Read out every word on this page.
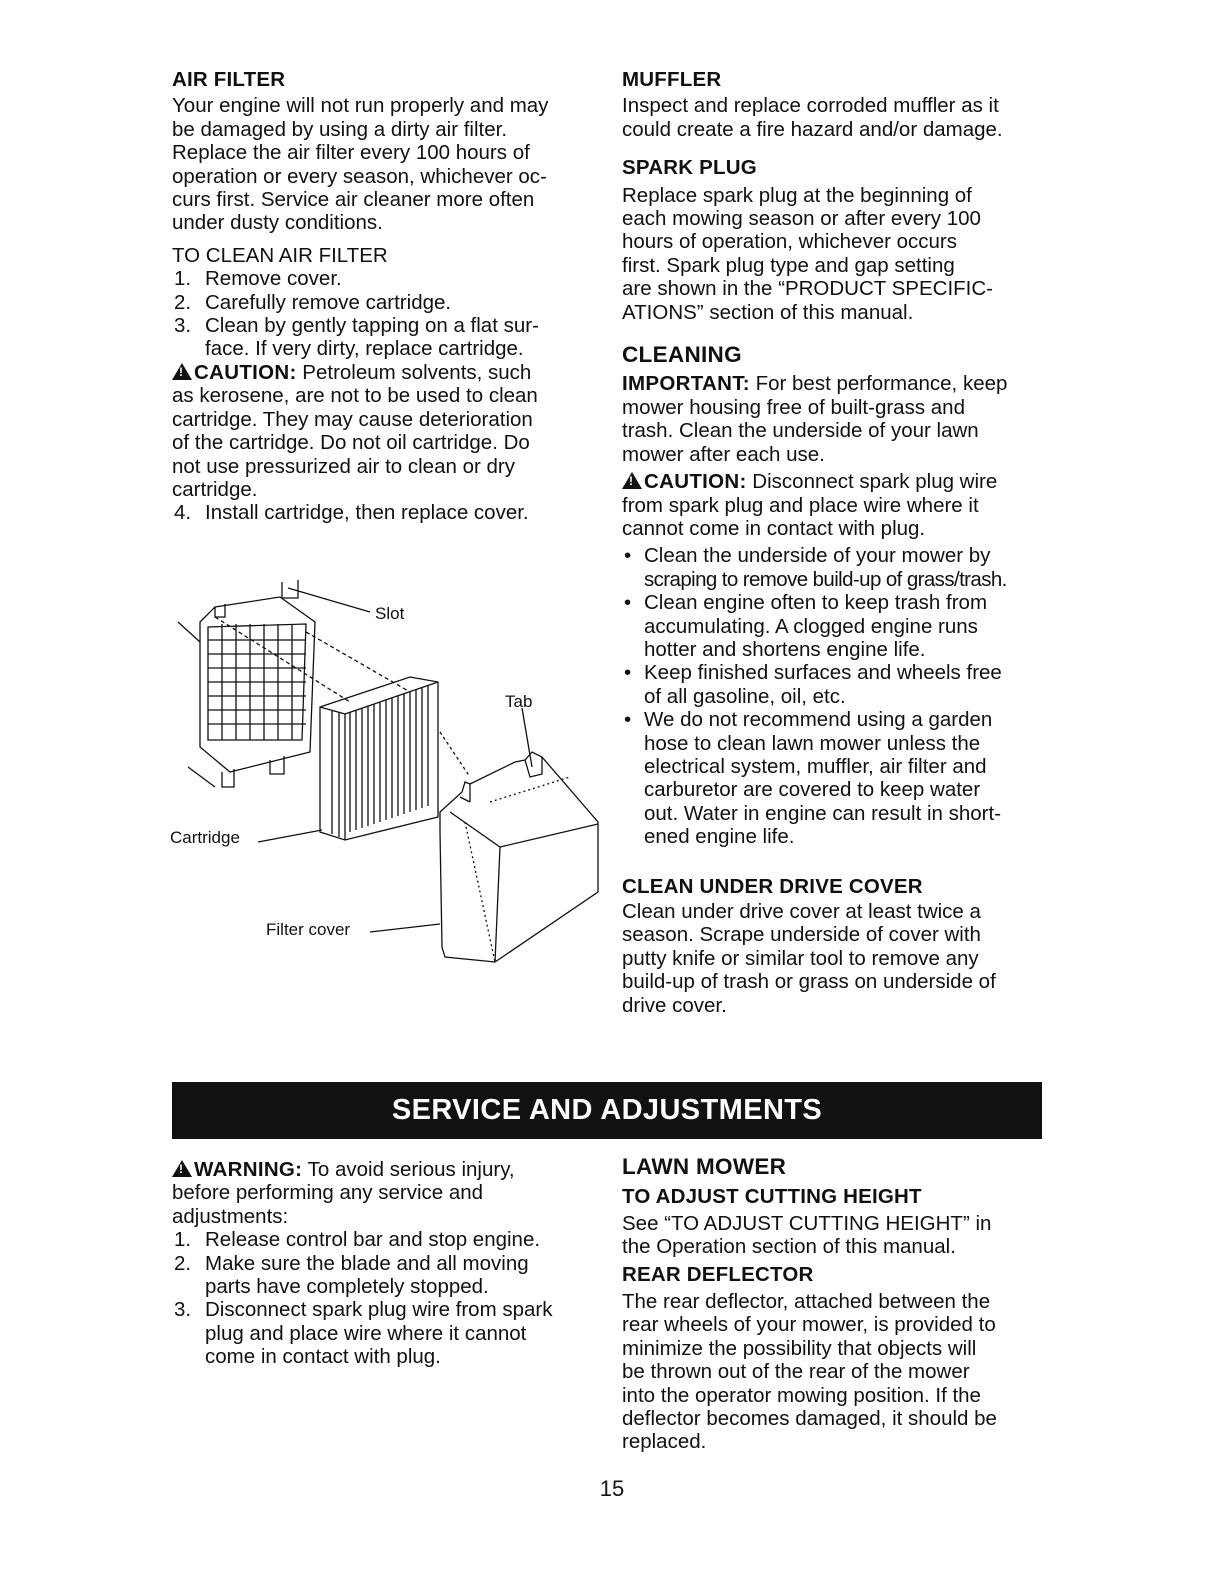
AIR FILTER

Your engine will not run properly and may

be damaged by using a dirty air filter.

Replace the air filter every 100 hours of

operation or every season, whichever oc-

curs first. Service air cleaner more often

under dusty conditions.

TO CLEAN AIR FILTER

1. Remove cover.
2. Carefully remove cartridge.
3. Clean by gently tapping on a flat sur-
face. If very dirty, replace cartridge.

!CAUTION: Petroleum solvents, such

as kerosene, are not to be used to clean

cartridge. They may cause deterioration

of the cartridge. Do not oil cartridge. Do

not use pressurized air to clean or dry

cartridge.

4. Install cartridge, then replace cover.
Slot
Tab
Cartridge
Filter cover

MUFFLER

Inspect and replace corroded muffler as it

could create a fire hazard and/or damage.

SPARK PLUG

Replace spark plug at the beginning of

each mowing season or after every 100

hours of operation, whichever occurs

first. Spark plug type and gap setting

are shown in the “PRODUCT SPECIFIC-

ATIONS” section of this manual.

CLEANING

IMPORTANT: For best performance, keep

mower housing free of built-grass and

trash. Clean the underside of your lawn

mower after each use.

!CAUTION: Disconnect spark plug wire

from spark plug and place wire where it

cannot come in contact with plug.

• Clean the underside of your mower by
scraping to remove build-up of grass/trash.
• Clean engine often to keep trash from
accumulating. A clogged engine runs
hotter and shortens engine life.
• Keep finished surfaces and wheels free
of all gasoline, oil, etc.
• We do not recommend using a garden
hose to clean lawn mower unless the
electrical system, muffler, air filter and
carburetor are covered to keep water
out. Water in engine can result in short-
ened engine life.

CLEAN UNDER DRIVE COVER

Clean under drive cover at least twice a

season. Scrape underside of cover with

putty knife or similar tool to remove any

build-up of trash or grass on underside of

drive cover.

SERVICE AND ADJUSTMENTS

!WARNING: To avoid serious injury,

before performing any service and

adjustments:

1. Release control bar and stop engine.
2. Make sure the blade and all moving
parts have completely stopped.
3. Disconnect spark plug wire from spark
plug and place wire where it cannot
come in contact with plug.

LAWN MOWER

TO ADJUST CUTTING HEIGHT

See “TO ADJUST CUTTING HEIGHT” in

the Operation section of this manual.

REAR DEFLECTOR

The rear deflector, attached between the

rear wheels of your mower, is provided to

minimize the possibility that objects will

be thrown out of the rear of the mower

into the operator mowing position. If the

deflector becomes damaged, it should be

replaced.

15
